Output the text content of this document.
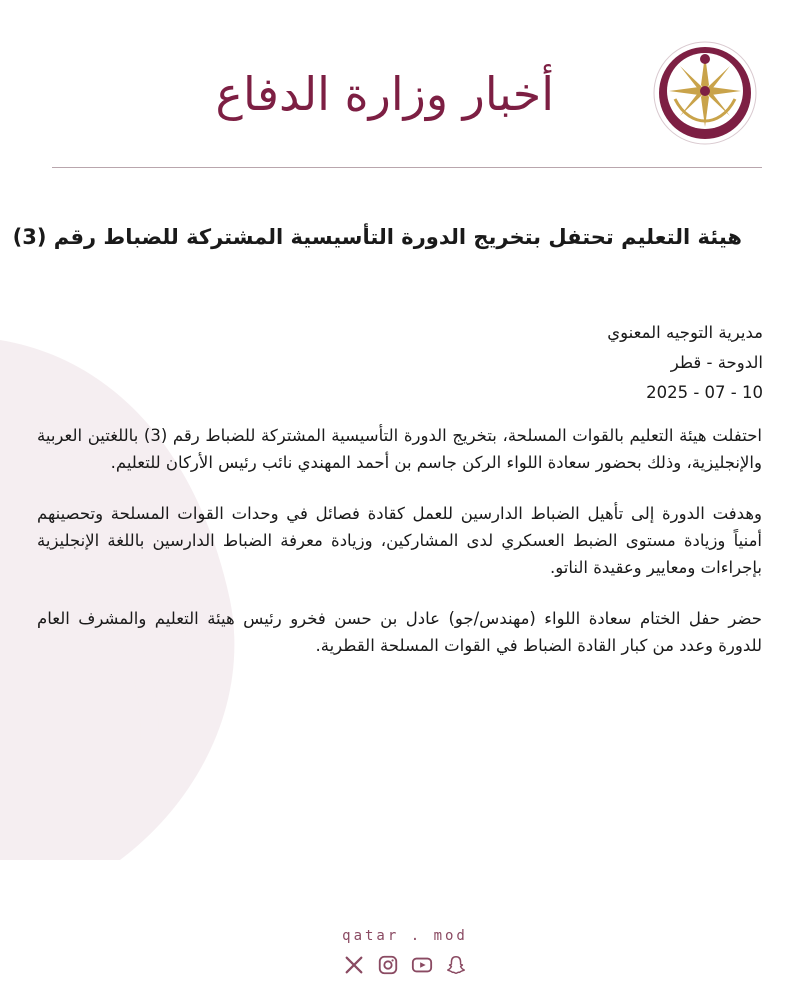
أخبار وزارة الدفاع
هيئة التعليم تحتفل بتخريج الدورة التأسيسية المشتركة للضباط رقم (3)
مديرية التوجيه المعنوي
الدوحة - قطر
2025 - 07 - 10

احتفلت هيئة التعليم بالقوات المسلحة، بتخريج الدورة التأسيسية المشتركة للضباط رقم (3) باللغتين العربية والإنجليزية، وذلك بحضور سعادة اللواء الركن جاسم بن أحمد المهندي نائب رئيس الأركان للتعليم.

وهدفت الدورة إلى تأهيل الضباط الدارسين للعمل كقادة فصائل في وحدات القوات المسلحة وتحصينهم أمنياً وزيادة مستوى الضبط العسكري لدى المشاركين، وزيادة معرفة الضباط الدارسين باللغة الإنجليزية بإجراءات ومعايير وعقيدة الناتو.

حضر حفل الختام سعادة اللواء (مهندس/جو) عادل بن حسن فخرو رئيس هيئة التعليم والمشرف العام للدورة وعدد من كبار القادة الضباط في القوات المسلحة القطرية.

qatar . mod
